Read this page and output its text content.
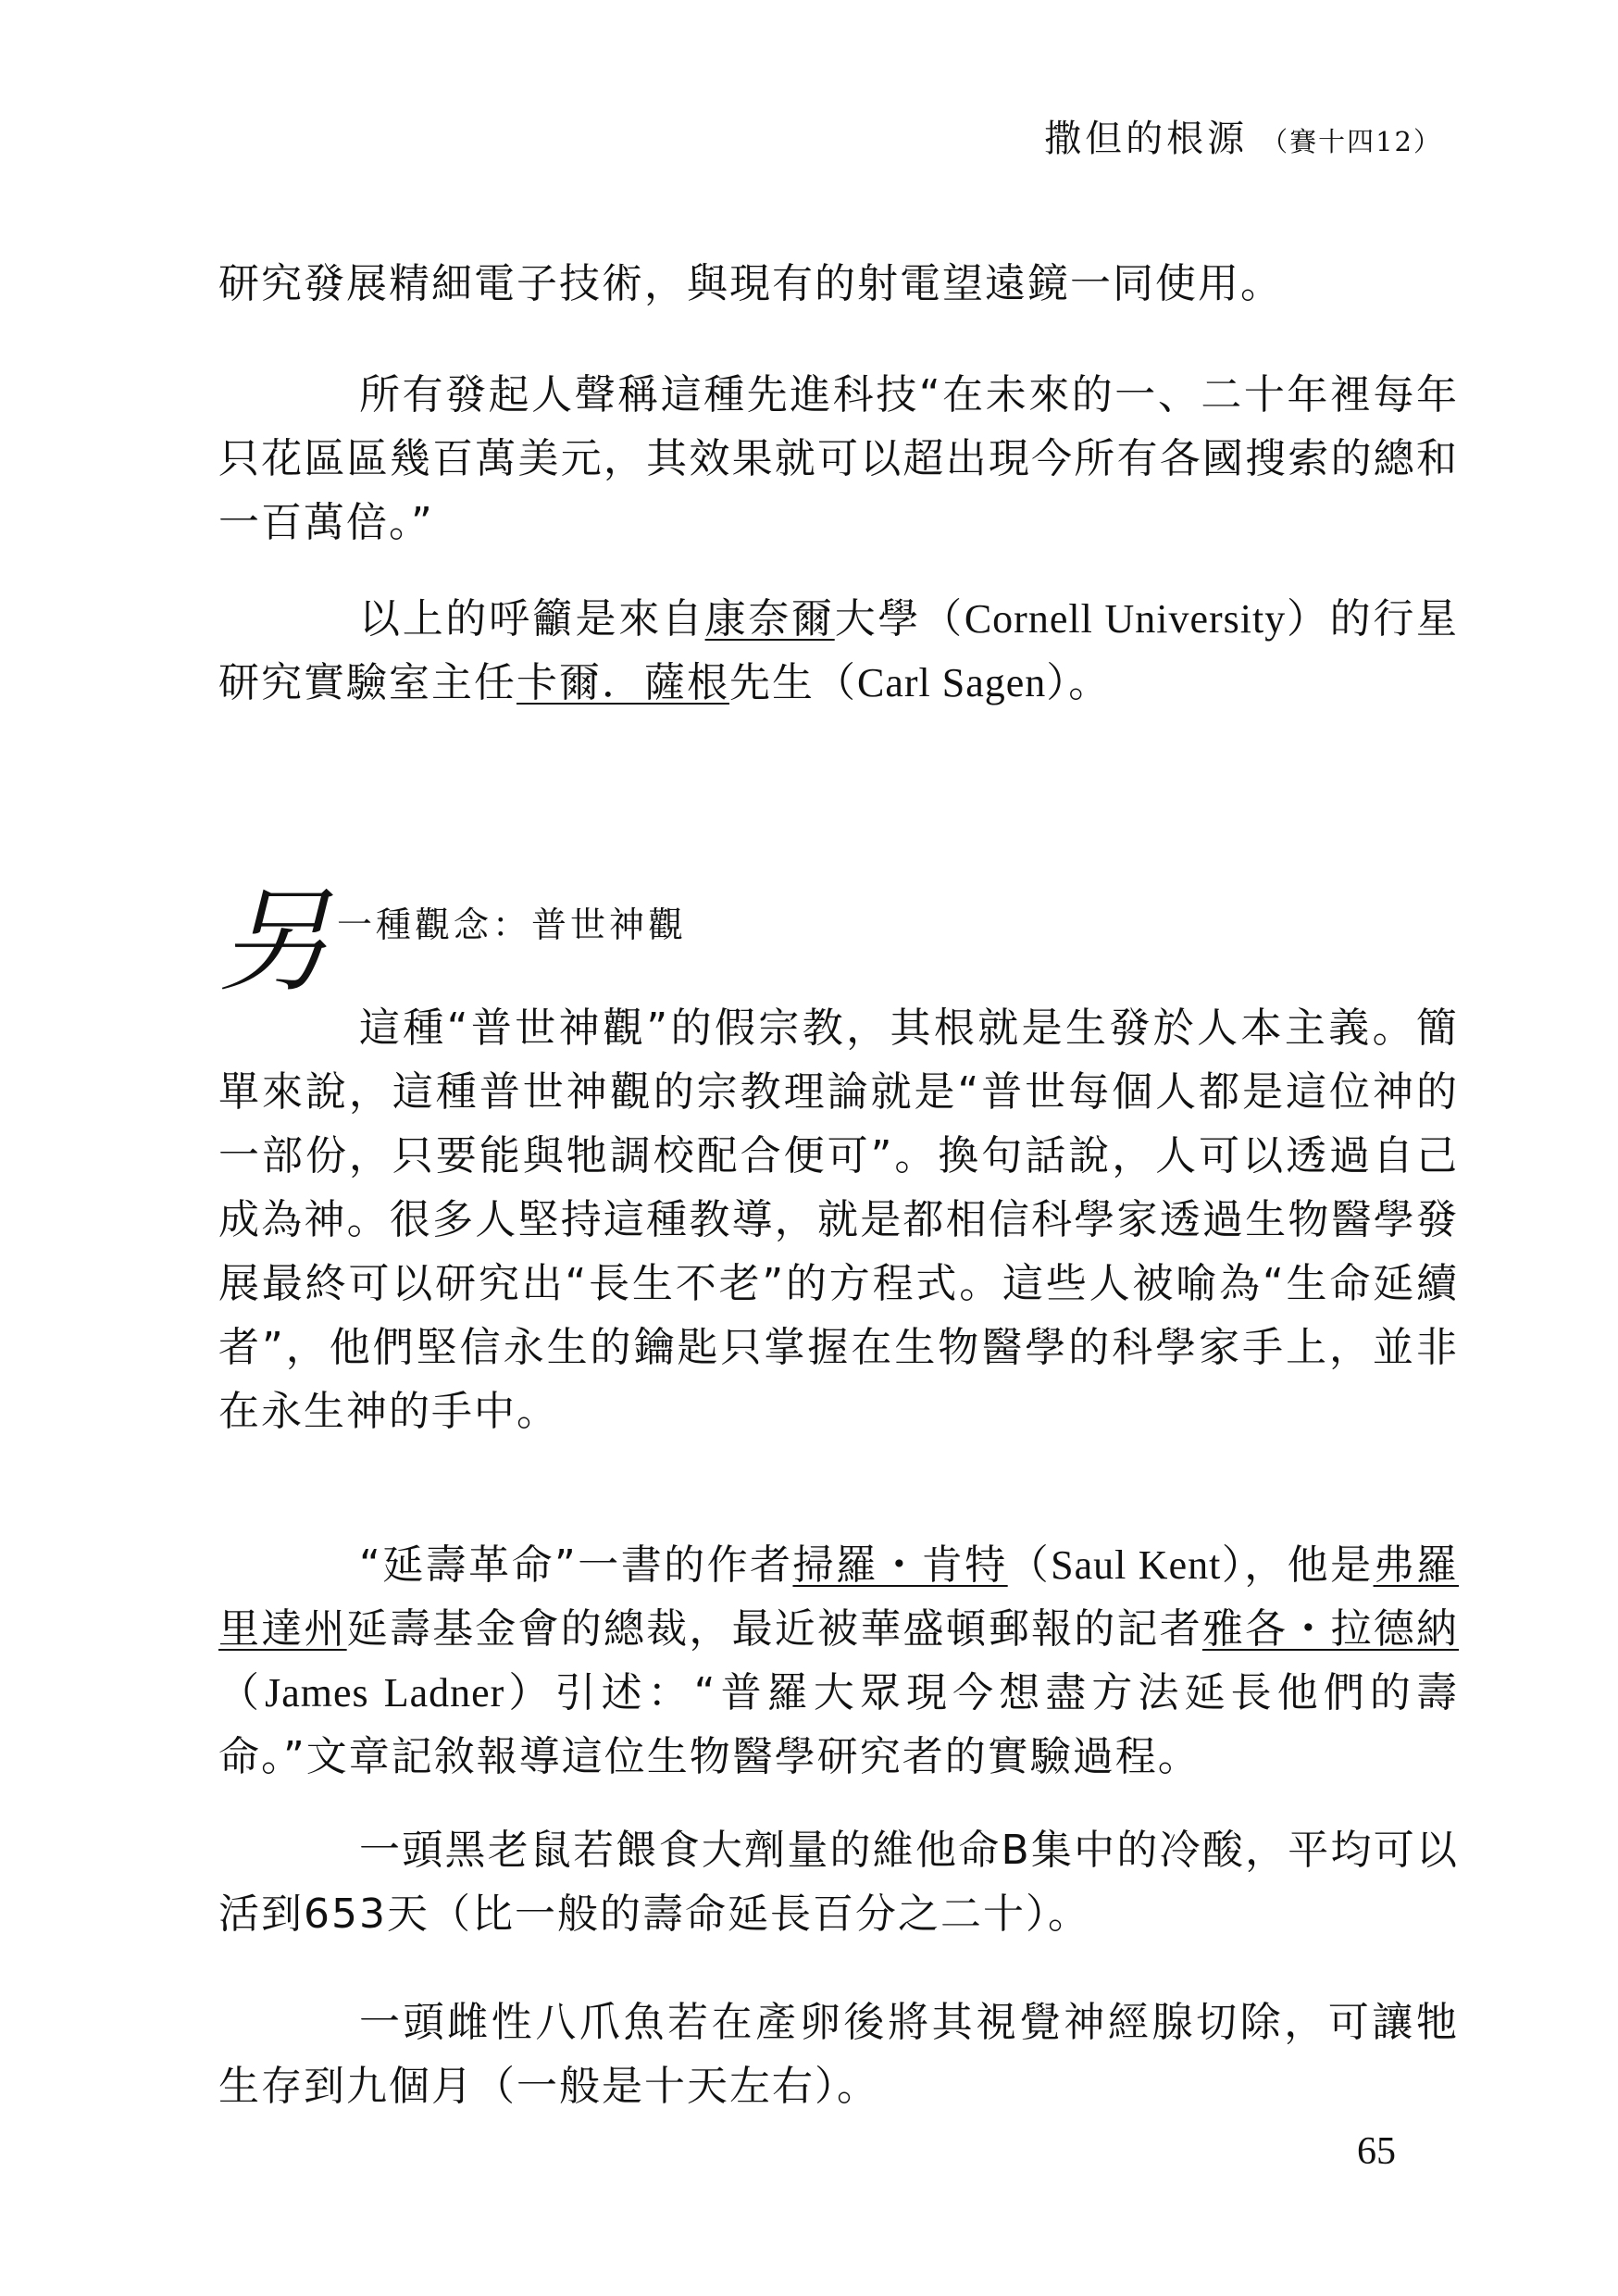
撒但的根源 （賽十四12）

研究發展精細電子技術，與現有的射電望遠鏡一同使用。

所有發起人聲稱這種先進科技“在未來的一、二十年裡每年只花區區幾百萬美元，其效果就可以超出現今所有各國搜索的總和一百萬倍。”

以上的呼籲是來自康奈爾大學（Cornell University）的行星研究實驗室主任卡爾．薩根先生（Carl Sagen）。

另 一種觀念：普世神觀

這種“普世神觀”的假宗教，其根就是生發於人本主義。簡單來說，這種普世神觀的宗教理論就是“普世每個人都是這位神的一部份，只要能與牠調校配合便可”。換句話說，人可以透過自己成為神。很多人堅持這種教導，就是都相信科學家透過生物醫學發展最終可以研究出“長生不老”的方程式。這些人被喻為“生命延續者”，他們堅信永生的鑰匙只掌握在生物醫學的科學家手上，並非在永生神的手中。

“延壽革命”一書的作者掃羅・肯特（Saul Kent），他是弗羅里達州延壽基金會的總裁，最近被華盛頓郵報的記者雅各・拉德納（James Ladner）引述：“普羅大眾現今想盡方法延長他們的壽命。”文章記敘報導這位生物醫學研究者的實驗過程。

一頭黑老鼠若餵食大劑量的維他命B集中的冷酸，平均可以活到653天（比一般的壽命延長百分之二十）。

一頭雌性八爪魚若在產卵後將其視覺神經腺切除，可讓牠生存到九個月（一般是十天左右）。

65
